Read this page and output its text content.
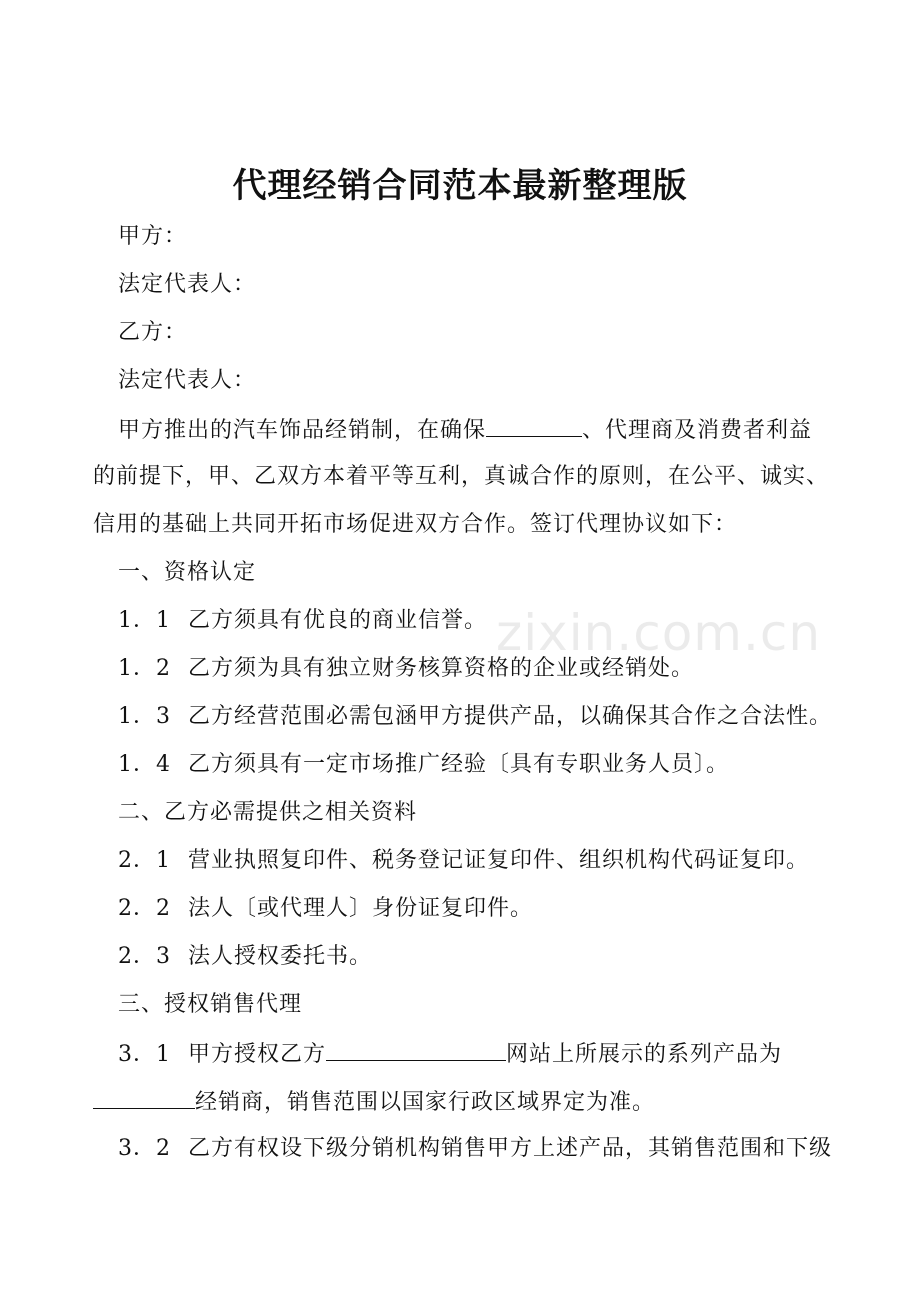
zixin.com.cn
代理经销合同范本最新整理版
甲方：
法定代表人：
乙方：
法定代表人：
甲方推出的汽车饰品经销制，在确保	、代理商及消费者利益
的前提下，甲、乙双方本着平等互利，真诚合作的原则，在公平、诚实、
信用的基础上共同开拓市场促进双方合作。签订代理协议如下：
一、资格认定
1．1 乙方须具有优良的商业信誉。
1．2 乙方须为具有独立财务核算资格的企业或经销处。
1．3 乙方经营范围必需包涵甲方提供产品，以确保其合作之合法性。
1．4 乙方须具有一定市场推广经验〔具有专职业务人员〕。
二、乙方必需提供之相关资料
2．1 营业执照复印件、税务登记证复印件、组织机构代码证复印。
2．2 法人〔或代理人〕身份证复印件。
2．3 法人授权委托书。
三、授权销售代理
3．1 甲方授权乙方	网站上所展示的系列产品为
经销商，销售范围以国家行政区域界定为准。
3．2 乙方有权设下级分销机构销售甲方上述产品，其销售范围和下级
